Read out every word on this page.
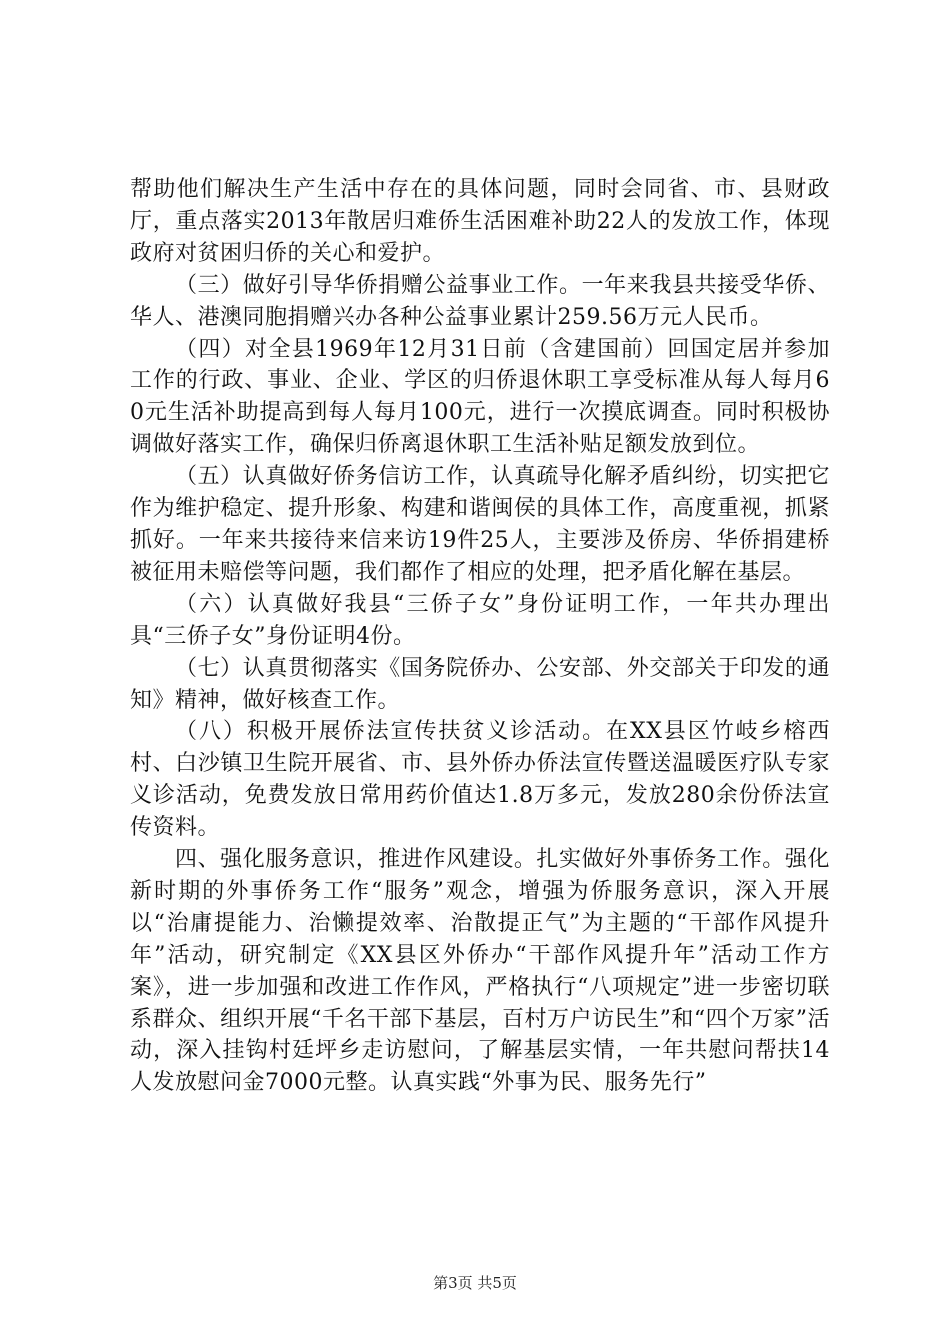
帮助他们解决生产生活中存在的具体问题，同时会同省、市、县财政厅，重点落实2013年散居归难侨生活困难补助22人的发放工作，体现政府对贫困归侨的关心和爱护。

（三）做好引导华侨捐赠公益事业工作。一年来我县共接受华侨、华人、港澳同胞捐赠兴办各种公益事业累计259.56万元人民币。

（四）对全县1969年12月31日前（含建国前）回国定居并参加工作的行政、事业、企业、学区的归侨退休职工享受标准从每人每月60元生活补助提高到每人每月100元，进行一次摸底调查。同时积极协调做好落实工作，确保归侨离退休职工生活补贴足额发放到位。

（五）认真做好侨务信访工作，认真疏导化解矛盾纠纷，切实把它作为维护稳定、提升形象、构建和谐闽侯的具体工作，高度重视，抓紧抓好。一年来共接待来信来访19件25人，主要涉及侨房、华侨捐建桥被征用未赔偿等问题，我们都作了相应的处理，把矛盾化解在基层。

（六）认真做好我县“三侨子女”身份证明工作，一年共办理出具“三侨子女”身份证明4份。

（七）认真贯彻落实《国务院侨办、公安部、外交部关于印发的通知》精神，做好核查工作。

（八）积极开展侨法宣传扶贫义诊活动。在XX县区竹岐乡榕西村、白沙镇卫生院开展省、市、县外侨办侨法宣传暨送温暖医疗队专家义诊活动，免费发放日常用药价值达1.8万多元，发放280余份侨法宣传资料。

四、强化服务意识，推进作风建设。扎实做好外事侨务工作。强化新时期的外事侨务工作“服务”观念，增强为侨服务意识，深入开展以“治庸提能力、治懒提效率、治散提正气”为主题的“干部作风提升年”活动，研究制定《XX县区外侨办“干部作风提升年”活动工作方案》，进一步加强和改进工作作风，严格执行“八项规定”进一步密切联系群众、组织开展“千名干部下基层，百村万户访民生”和“四个万家”活动，深入挂钩村廷坪乡走访慰问，了解基层实情，一年共慰问帮扶14人发放慰问金7000元整。认真实践“外事为民、服务先行”

第3页 共5页
